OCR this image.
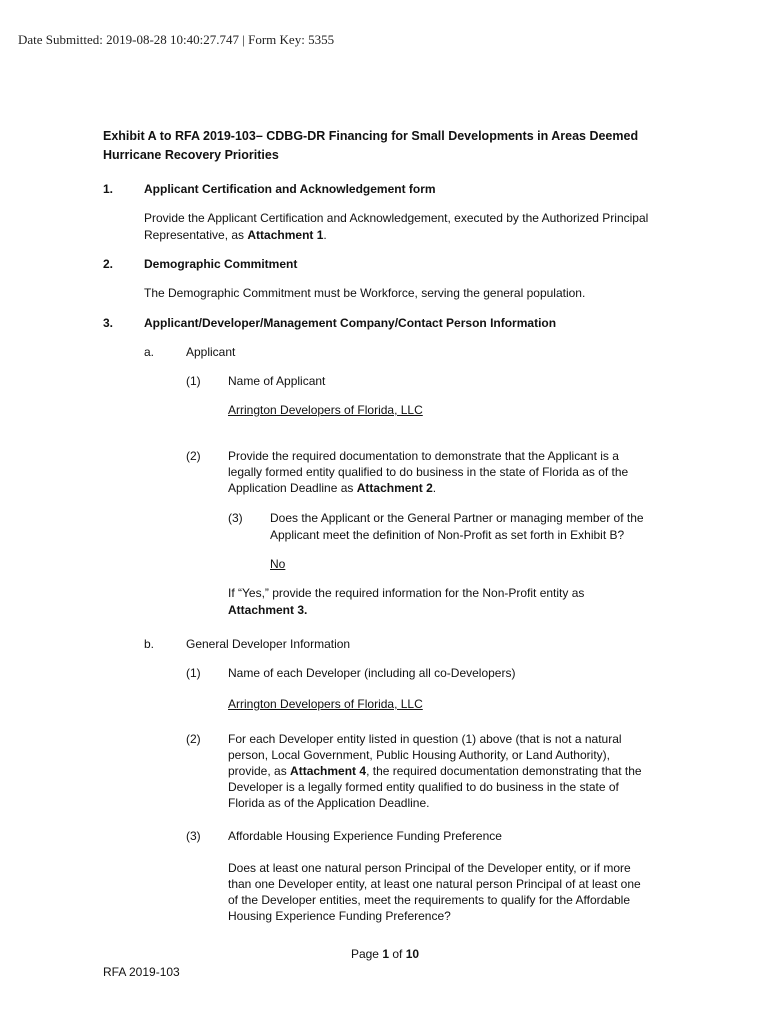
Date Submitted: 2019-08-28 10:40:27.747 | Form Key: 5355
Exhibit A to RFA 2019-103– CDBG-DR Financing for Small Developments in Areas Deemed
Hurricane Recovery Priorities
1.	Applicant Certification and Acknowledgement form
Provide the Applicant Certification and Acknowledgement, executed by the Authorized Principal
Representative, as Attachment 1.
2.	Demographic Commitment
The Demographic Commitment must be Workforce, serving the general population.
3.	Applicant/Developer/Management Company/Contact Person Information
a.	Applicant
(1) Name of Applicant
Arrington Developers of Florida, LLC
(2) Provide the required documentation to demonstrate that the Applicant is a
legally formed entity qualified to do business in the state of Florida as of the
Application Deadline as Attachment 2.
(3) Does the Applicant or the General Partner or managing member of the
Applicant meet the definition of Non-Profit as set forth in Exhibit B?
No
If “Yes,” provide the required information for the Non-Profit entity as
Attachment 3.
b.	General Developer Information
(1) Name of each Developer (including all co-Developers)
Arrington Developers of Florida, LLC
(2) For each Developer entity listed in question (1) above (that is not a natural
person, Local Government, Public Housing Authority, or Land Authority),
provide, as Attachment 4, the required documentation demonstrating that the
Developer is a legally formed entity qualified to do business in the state of
Florida as of the Application Deadline.
(3) Affordable Housing Experience Funding Preference
Does at least one natural person Principal of the Developer entity, or if more
than one Developer entity, at least one natural person Principal of at least one
of the Developer entities, meet the requirements to qualify for the Affordable
Housing Experience Funding Preference?
Page 1 of 10
RFA 2019-103
